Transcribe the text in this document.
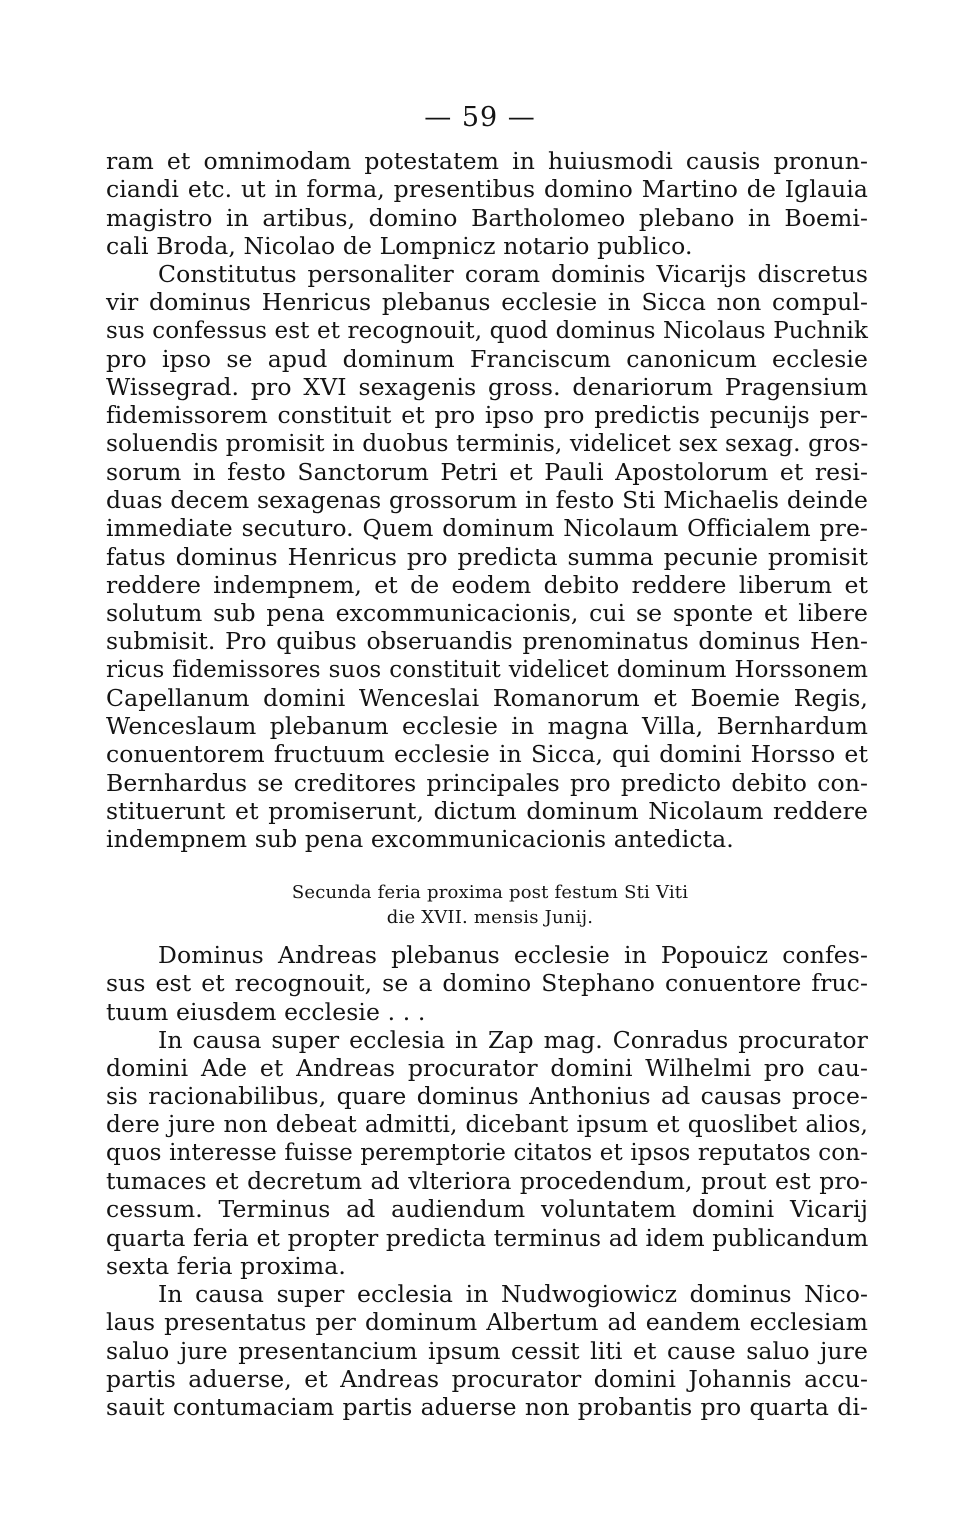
— 59 —
ram et omnimodam potestatem in huiusmodi causis pronun-
ciandi etc. ut in forma, presentibus domino Martino de Iglauia
magistro in artibus, domino Bartholomeo plebano in Boemi-
cali Broda, Nicolao de Lompnicz notario publico.
Constitutus personaliter coram dominis Vicarijs discretus
vir dominus Henricus plebanus ecclesie in Sicca non compul-
sus confessus est et recognouit, quod dominus Nicolaus Puchnik
pro ipso se apud dominum Franciscum canonicum ecclesie
Wissegrad. pro XVI sexagenis gross. denariorum Pragensium
fidemissorem constituit et pro ipso pro predictis pecunijs per-
soluendis promisit in duobus terminis, videlicet sex sexag. gros-
sorum in festo Sanctorum Petri et Pauli Apostolorum et resi-
duas decem sexagenas grossorum in festo Sti Michaelis deinde
immediate secuturo. Quem dominum Nicolaum Officialem pre-
fatus dominus Henricus pro predicta summa pecunie promisit
reddere indempnem, et de eodem debito reddere liberum et
solutum sub pena excommunicacionis, cui se sponte et libere
submisit. Pro quibus obseruandis prenominatus dominus Hen-
ricus fidemissores suos constituit videlicet dominum Horssonem
Capellanum domini Wenceslai Romanorum et Boemie Regis,
Wenceslaum plebanum ecclesie in magna Villa, Bernhardum
conuentorem fructuum ecclesie in Sicca, qui domini Horsso et
Bernhardus se creditores principales pro predicto debito con-
stituerunt et promiserunt, dictum dominum Nicolaum reddere
indempnem sub pena excommunicacionis antedicta.
Secunda feria proxima post festum Sti Viti
die XVII. mensis Junij.
Dominus Andreas plebanus ecclesie in Popouicz confes-
sus est et recognouit, se a domino Stephano conuentore fruc-
tuum eiusdem ecclesie . . .
In causa super ecclesia in Zap mag. Conradus procurator
domini Ade et Andreas procurator domini Wilhelmi pro cau-
sis racionabilibus, quare dominus Anthonius ad causas proce-
dere jure non debeat admitti, dicebant ipsum et quoslibet alios,
quos interesse fuisse peremptorie citatos et ipsos reputatos con-
tumaces et decretum ad vlteriora procedendum, prout est pro-
cessum. Terminus ad audiendum voluntatem domini Vicarij
quarta feria et propter predicta terminus ad idem publicandum
sexta feria proxima.
In causa super ecclesia in Nudwogiowicz dominus Nico-
laus presentatus per dominum Albertum ad eandem ecclesiam
saluo jure presentancium ipsum cessit liti et cause saluo jure
partis aduerse, et Andreas procurator domini Johannis accu-
sauit contumaciam partis aduerse non probantis pro quarta di-
